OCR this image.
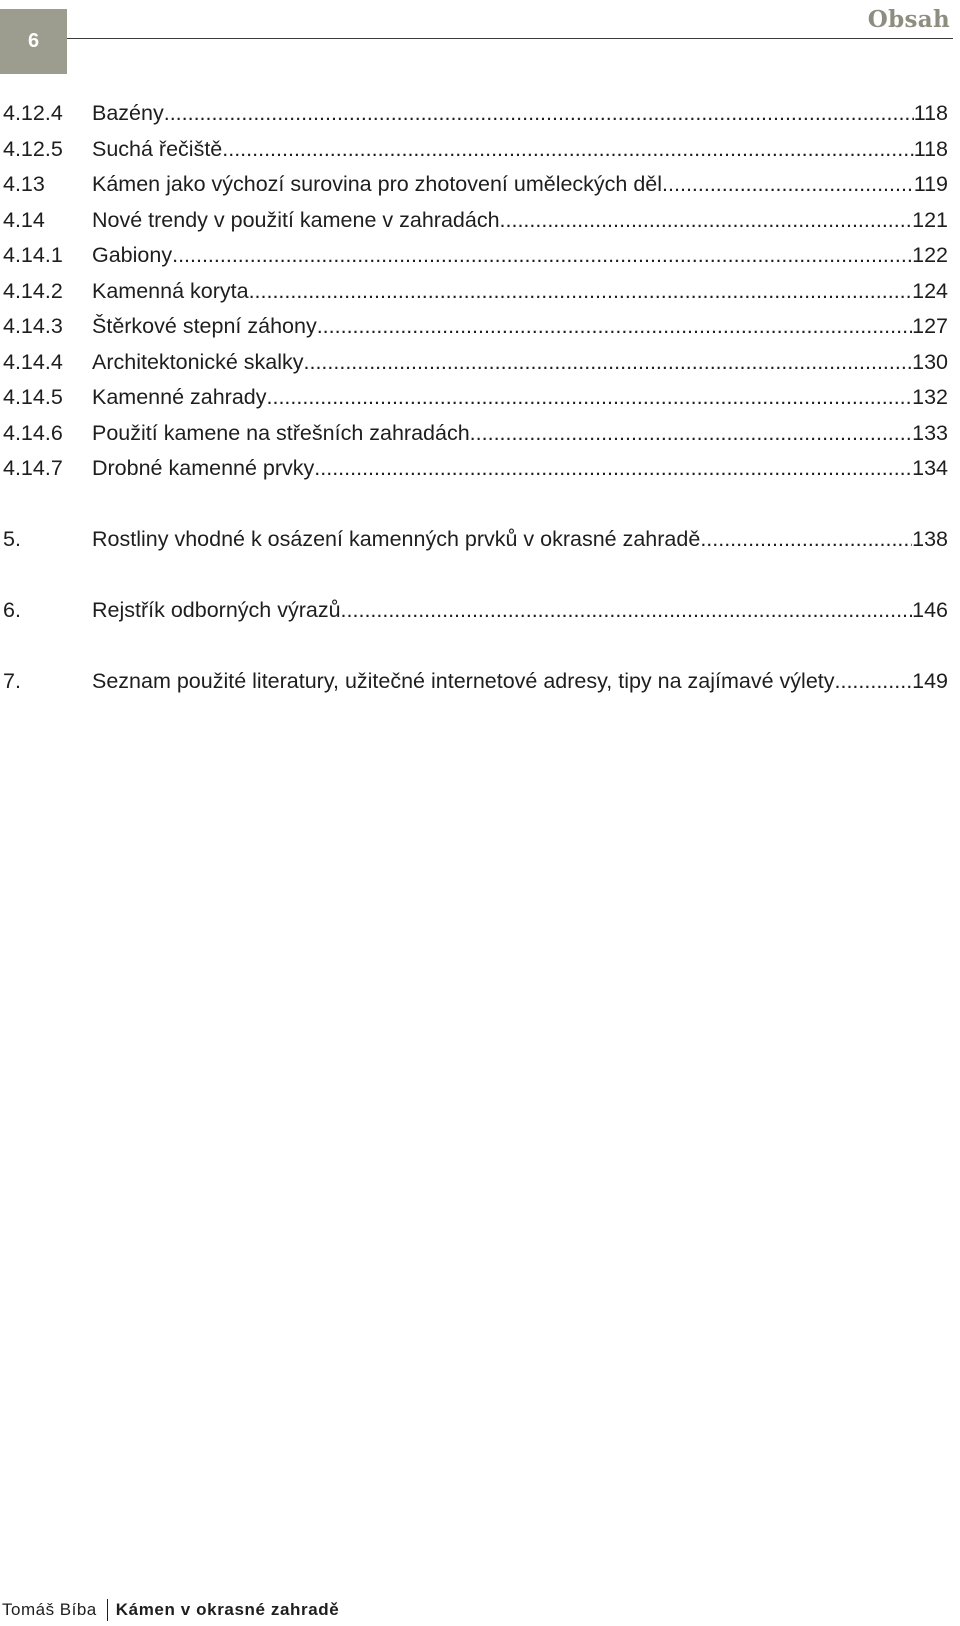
6
Obsah
4.12.4	Bazény .....	118
4.12.5	Suchá řečiště .....	118
4.13	Kámen jako výchozí surovina pro zhotovení uměleckých děl .....	119
4.14	Nové trendy v použití kamene v zahradách .....	121
4.14.1	Gabiony .....	122
4.14.2	Kamenná koryta .....	124
4.14.3	Štěrkové stepní záhony .....	127
4.14.4	Architektonické skalky .....	130
4.14.5	Kamenné zahrady .....	132
4.14.6	Použití kamene na střešních zahradách .....	133
4.14.7	Drobné kamenné prvky .....	134
5.	Rostliny vhodné k osázení kamenných prvků v okrasné zahradě .....	138
6.	Rejstřík odborných výrazů .....	146
7.	Seznam použité literatury, užitečné internetové adresy, tipy na zajímavé výlety .....	149
Tomáš Bíba Kámen v okrasné zahradě
